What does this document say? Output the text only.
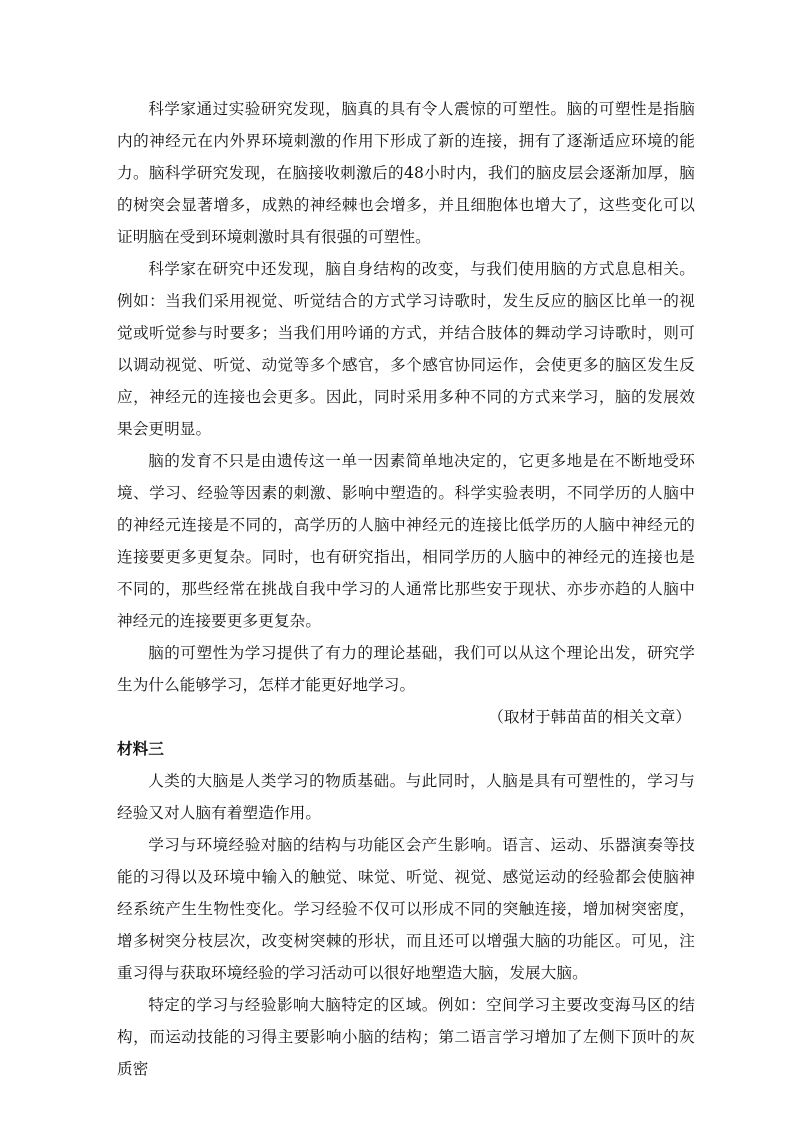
科学家通过实验研究发现，脑真的具有令人震惊的可塑性。脑的可塑性是指脑内的神经元在内外界环境刺激的作用下形成了新的连接，拥有了逐渐适应环境的能力。脑科学研究发现，在脑接收刺激后的48小时内，我们的脑皮层会逐渐加厚，脑的树突会显著增多，成熟的神经棘也会增多，并且细胞体也增大了，这些变化可以证明脑在受到环境刺激时具有很强的可塑性。

科学家在研究中还发现，脑自身结构的改变，与我们使用脑的方式息息相关。例如：当我们采用视觉、听觉结合的方式学习诗歌时，发生反应的脑区比单一的视觉或听觉参与时要多；当我们用吟诵的方式，并结合肢体的舞动学习诗歌时，则可以调动视觉、听觉、动觉等多个感官，多个感官协同运作，会使更多的脑区发生反应，神经元的连接也会更多。因此，同时采用多种不同的方式来学习，脑的发展效果会更明显。

脑的发育不只是由遗传这一单一因素简单地决定的，它更多地是在不断地受环境、学习、经验等因素的刺激、影响中塑造的。科学实验表明，不同学历的人脑中的神经元连接是不同的，高学历的人脑中神经元的连接比低学历的人脑中神经元的连接要更多更复杂。同时，也有研究指出，相同学历的人脑中的神经元的连接也是不同的，那些经常在挑战自我中学习的人通常比那些安于现状、亦步亦趋的人脑中神经元的连接要更多更复杂。

脑的可塑性为学习提供了有力的理论基础，我们可以从这个理论出发，研究学生为什么能够学习，怎样才能更好地学习。

（取材于韩苗苗的相关文章）

材料三

人类的大脑是人类学习的物质基础。与此同时，人脑是具有可塑性的，学习与经验又对人脑有着塑造作用。

学习与环境经验对脑的结构与功能区会产生影响。语言、运动、乐器演奏等技能的习得以及环境中输入的触觉、味觉、听觉、视觉、感觉运动的经验都会使脑神经系统产生生物性变化。学习经验不仅可以形成不同的突触连接，增加树突密度，增多树突分枝层次，改变树突棘的形状，而且还可以增强大脑的功能区。可见，注重习得与获取环境经验的学习活动可以很好地塑造大脑，发展大脑。

特定的学习与经验影响大脑特定的区域。例如：空间学习主要改变海马区的结构，而运动技能的习得主要影响小脑的结构；第二语言学习增加了左侧下顶叶的灰质密
